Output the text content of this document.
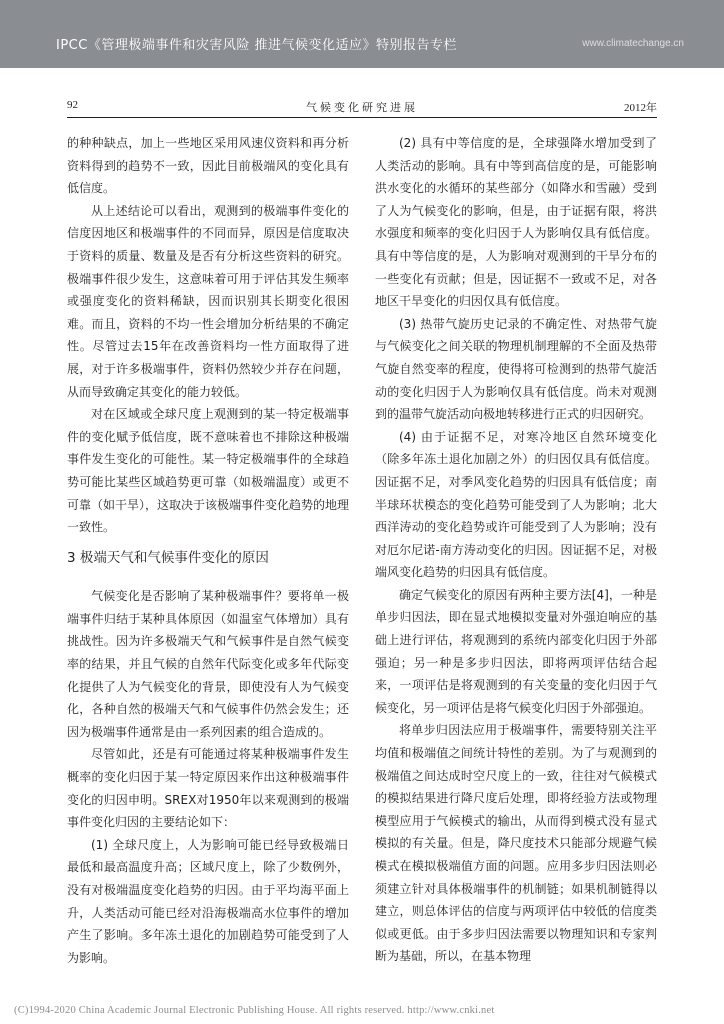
IPCC《管理极端事件和灾害风险 推进气候变化适应》特别报告专栏	www.climatechange.cn
92	气候变化研究进展	2012年

的种种缺点，加上一些地区采用风速仪资料和再分析资料得到的趋势不一致，因此目前极端风的变化具有低信度。

从上述结论可以看出，观测到的极端事件变化的信度因地区和极端事件的不同而异，原因是信度取决于资料的质量、数量及是否有分析这些资料的研究。极端事件很少发生，这意味着可用于评估其发生频率或强度变化的资料稀缺，因而识别其长期变化很困难。而且，资料的不均一性会增加分析结果的不确定性。尽管过去15年在改善资料均一性方面取得了进展，对于许多极端事件，资料仍然较少并存在问题，从而导致确定其变化的能力较低。

对在区域或全球尺度上观测到的某一特定极端事件的变化赋予低信度，既不意味着也不排除这种极端事件发生变化的可能性。某一特定极端事件的全球趋势可能比某些区域趋势更可靠（如极端温度）或更不可靠（如干旱），这取决于该极端事件变化趋势的地理一致性。

3 极端天气和气候事件变化的原因

气候变化是否影响了某种极端事件？要将单一极端事件归结于某种具体原因（如温室气体增加）具有挑战性。因为许多极端天气和气候事件是自然气候变率的结果，并且气候的自然年代际变化或多年代际变化提供了人为气候变化的背景，即使没有人为气候变化，各种自然的极端天气和气候事件仍然会发生；还因为极端事件通常是由一系列因素的组合造成的。

尽管如此，还是有可能通过将某种极端事件发生概率的变化归因于某一特定原因来作出这种极端事件变化的归因申明。SREX对1950年以来观测到的极端事件变化归因的主要结论如下：

(1) 全球尺度上，人为影响可能已经导致极端日最低和最高温度升高；区域尺度上，除了少数例外，没有对极端温度变化趋势的归因。由于平均海平面上升，人类活动可能已经对沿海极端高水位事件的增加产生了影响。多年冻土退化的加剧趋势可能受到了人为影响。

(2) 具有中等信度的是，全球强降水增加受到了人类活动的影响。具有中等到高信度的是，可能影响洪水变化的水循环的某些部分（如降水和雪融）受到了人为气候变化的影响，但是，由于证据有限，将洪水强度和频率的变化归因于人为影响仅具有低信度。具有中等信度的是，人为影响对观测到的干旱分布的一些变化有贡献；但是，因证据不一致或不足，对各地区干旱变化的归因仅具有低信度。

(3) 热带气旋历史记录的不确定性、对热带气旋与气候变化之间关联的物理机制理解的不全面及热带气旋自然变率的程度，使得将可检测到的热带气旋活动的变化归因于人为影响仅具有低信度。尚未对观测到的温带气旋活动向极地转移进行正式的归因研究。

(4) 由于证据不足，对寒冷地区自然环境变化（除多年冻土退化加剧之外）的归因仅具有低信度。因证据不足，对季风变化趋势的归因具有低信度；南半球环状模态的变化趋势可能受到了人为影响；北大西洋涛动的变化趋势或许可能受到了人为影响；没有对厄尔尼诺-南方涛动变化的归因。因证据不足，对极端风变化趋势的归因具有低信度。

确定气候变化的原因有两种主要方法[4]，一种是单步归因法，即在显式地模拟变量对外强迫响应的基础上进行评估，将观测到的系统内部变化归因于外部强迫；另一种是多步归因法，即将两项评估结合起来，一项评估是将观测到的有关变量的变化归因于气候变化，另一项评估是将气候变化归因于外部强迫。

将单步归因法应用于极端事件，需要特别关注平均值和极端值之间统计特性的差别。为了与观测到的极端值之间达成时空尺度上的一致，往往对气候模式的模拟结果进行降尺度后处理，即将经验方法或物理模型应用于气候模式的输出，从而得到模式没有显式模拟的有关量。但是，降尺度技术只能部分规避气候模式在模拟极端值方面的问题。应用多步归因法则必须建立针对具体极端事件的机制链；如果机制链得以建立，则总体评估的信度与两项评估中较低的信度类似或更低。由于多步归因法需要以物理知识和专家判断为基础，所以，在基本物理

(C)1994-2020 China Academic Journal Electronic Publishing House. All rights reserved. http://www.cnki.net
